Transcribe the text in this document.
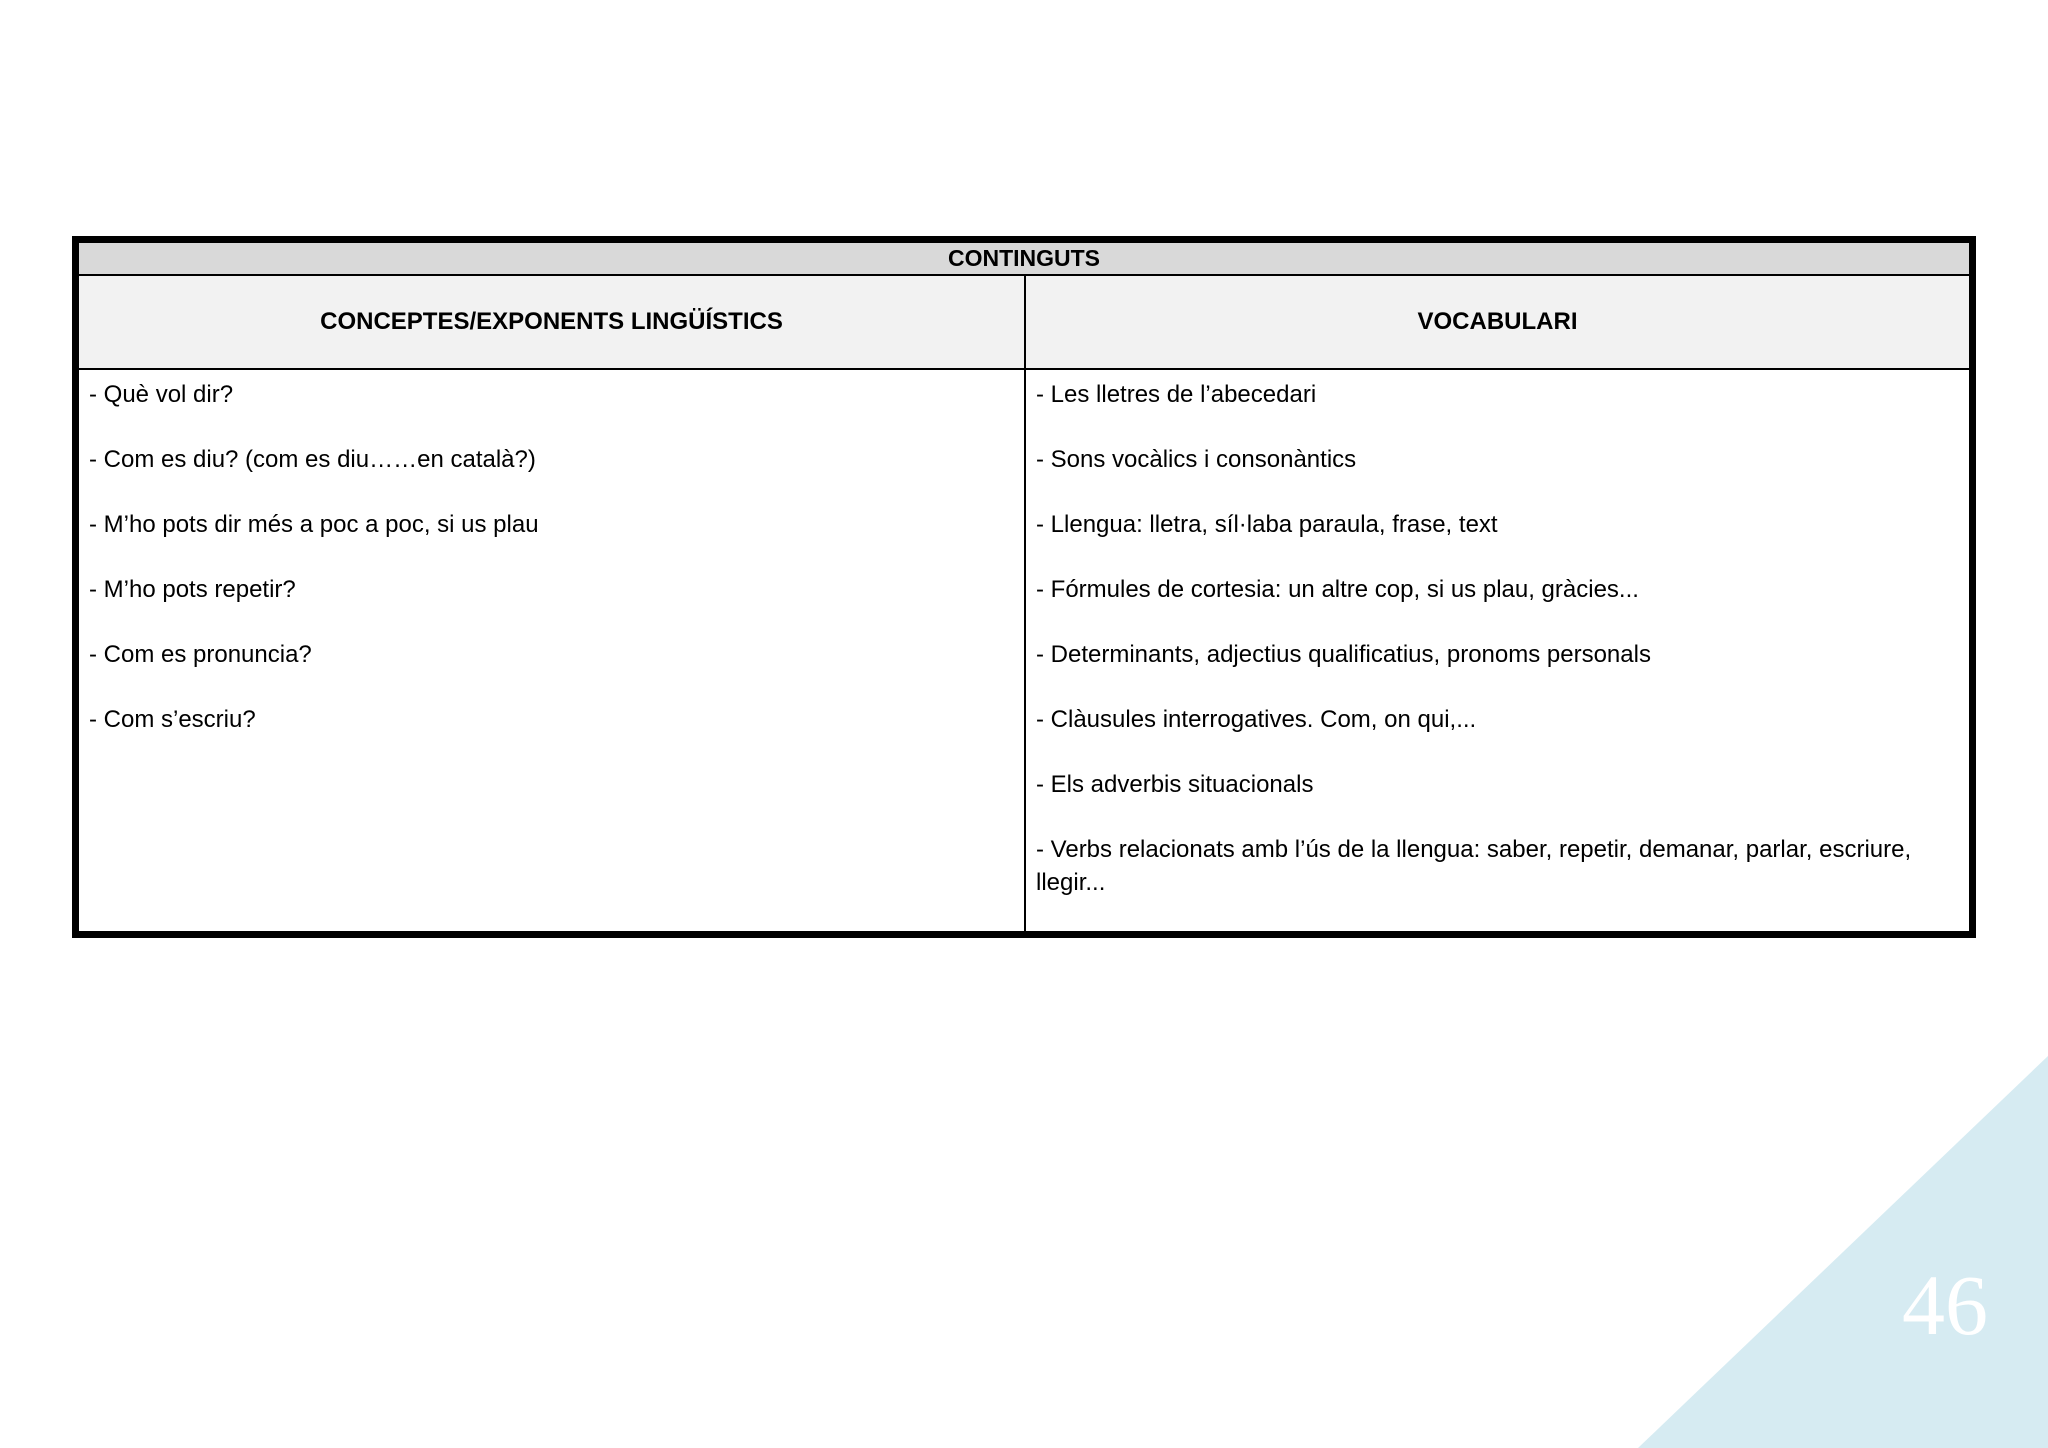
46
CONTINGUTS
CONCEPTES/EXPONENTS LINGÜÍSTICS	VOCABULARI
- Què vol dir?
- Com es diu? (com es diu……en català?)
- M’ho pots dir més a poc a poc, si us plau
- M’ho pots repetir?
- Com es pronuncia?
- Com s’escriu?
- Les lletres de l’abecedari
- Sons vocàlics i consonàntics
- Llengua: lletra, síl·laba paraula, frase, text
- Fórmules de cortesia: un altre cop, si us plau, gràcies...
- Determinants, adjectius qualificatius, pronoms personals
- Clàusules interrogatives. Com, on qui,...
- Els adverbis situacionals
- Verbs relacionats amb l’ús de la llengua: saber, repetir, demanar, parlar, escriure, llegir...
